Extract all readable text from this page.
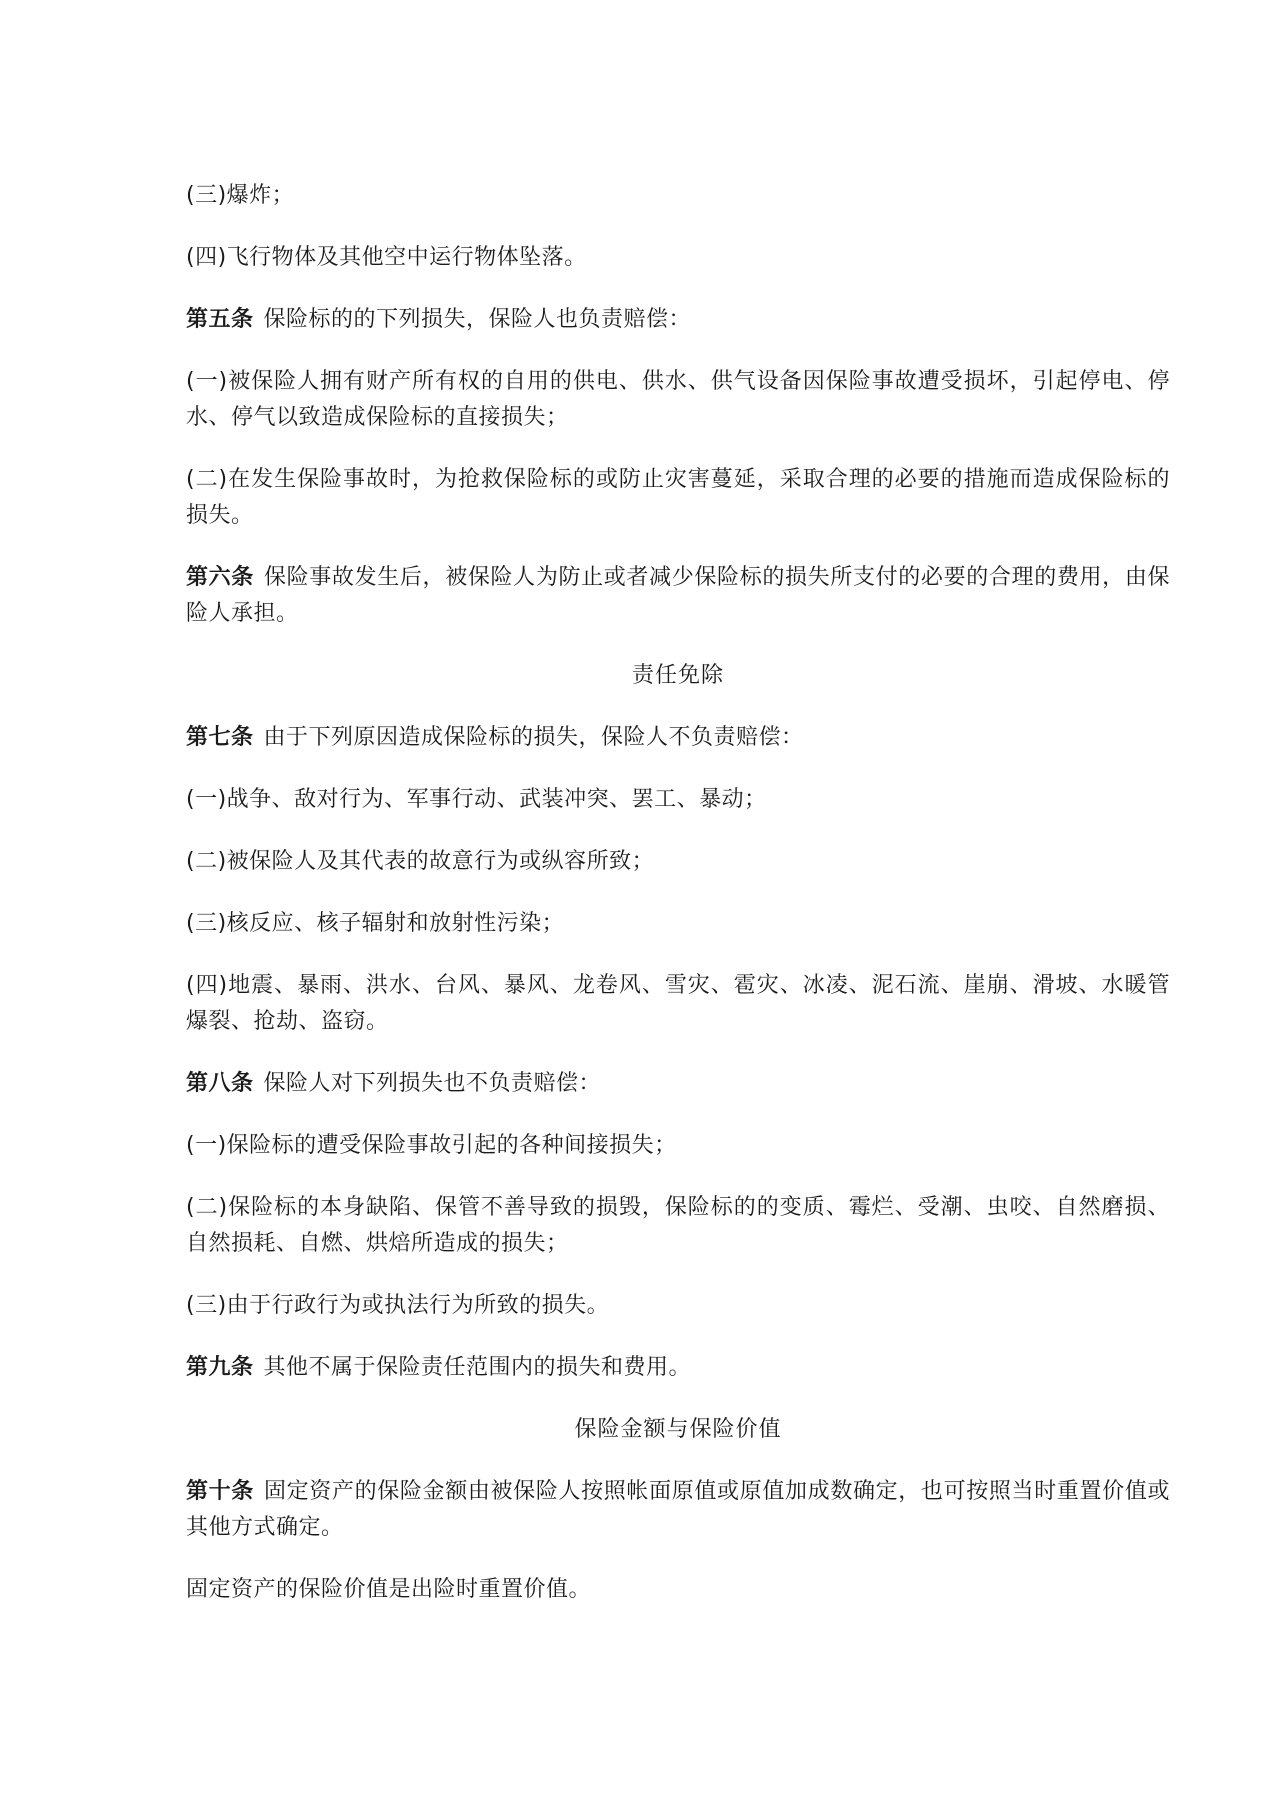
(三)爆炸；

(四)飞行物体及其他空中运行物体坠落。

第五条 保险标的的下列损失，保险人也负责赔偿：

(一)被保险人拥有财产所有权的自用的供电、供水、供气设备因保险事故遭受损坏，引起停电、停水、停气以致造成保险标的直接损失；

(二)在发生保险事故时，为抢救保险标的或防止灾害蔓延，采取合理的必要的措施而造成保险标的损失。

第六条 保险事故发生后，被保险人为防止或者减少保险标的损失所支付的必要的合理的费用，由保险人承担。

责任免除

第七条 由于下列原因造成保险标的损失，保险人不负责赔偿：

(一)战争、敌对行为、军事行动、武装冲突、罢工、暴动；

(二)被保险人及其代表的故意行为或纵容所致；

(三)核反应、核子辐射和放射性污染；

(四)地震、暴雨、洪水、台风、暴风、龙卷风、雪灾、雹灾、冰凌、泥石流、崖崩、滑坡、水暖管爆裂、抢劫、盗窃。

第八条 保险人对下列损失也不负责赔偿：

(一)保险标的遭受保险事故引起的各种间接损失；

(二)保险标的本身缺陷、保管不善导致的损毁，保险标的的变质、霉烂、受潮、虫咬、自然磨损、自然损耗、自燃、烘焙所造成的损失；

(三)由于行政行为或执法行为所致的损失。

第九条 其他不属于保险责任范围内的损失和费用。

保险金额与保险价值

第十条 固定资产的保险金额由被保险人按照帐面原值或原值加成数确定，也可按照当时重置价值或其他方式确定。

固定资产的保险价值是出险时重置价值。
